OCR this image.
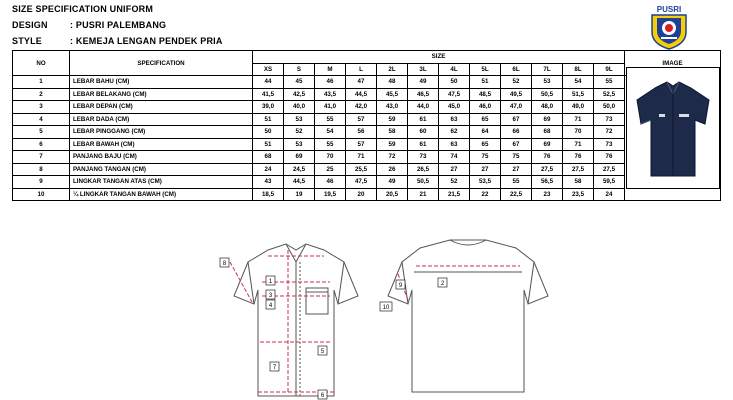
SIZE SPECIFICATION UNIFORM
DESIGN : PUSRI PALEMBANG
STYLE	: KEMEJA LENGAN PENDEK PRIA
PUSRI
NO	SPECIFICATION	SIZE												IMAGE
		XS	S	M	L	2L	3L	4L	5L	6L	7L	8L	9L	
1	LEBAR BAHU (CM)	44	45	46	47	48	49	50	51	52	53	54	55	
2	LEBAR BELAKANG (CM)	41,5	42,5	43,5	44,5	45,5	46,5	47,5	48,5	49,5	50,5	51,5	52,5	
3	LEBAR DEPAN (CM)	39,0	40,0	41,0	42,0	43,0	44,0	45,0	46,0	47,0	48,0	49,0	50,0	
4	LEBAR DADA (CM)	51	53	55	57	59	61	63	65	67	69	71	73	
5	LEBAR PINGGANG (CM)	50	52	54	56	58	60	62	64	66	68	70	72	
6	LEBAR BAWAH (CM)	51	53	55	57	59	61	63	65	67	69	71	73	
7	PANJANG BAJU (CM)	68	69	70	71	72	73	74	75	75	76	76	76	
8	PANJANG TANGAN (CM)	24	24,5	25	25,5	26	26,5	27	27	27	27,5	27,5	27,5	
9	LINGKAR TANGAN ATAS (CM)	43	44,5	46	47,5	49	50,5	52	53,5	55	56,5	58	59,5	
10	¼ LINGKAR TANGAN BAWAH (CM)	18,5	19	19,5	20	20,5	21	21,5	22	22,5	23	23,5	24	
8
1
3
4
5
7
6
2
9
10
